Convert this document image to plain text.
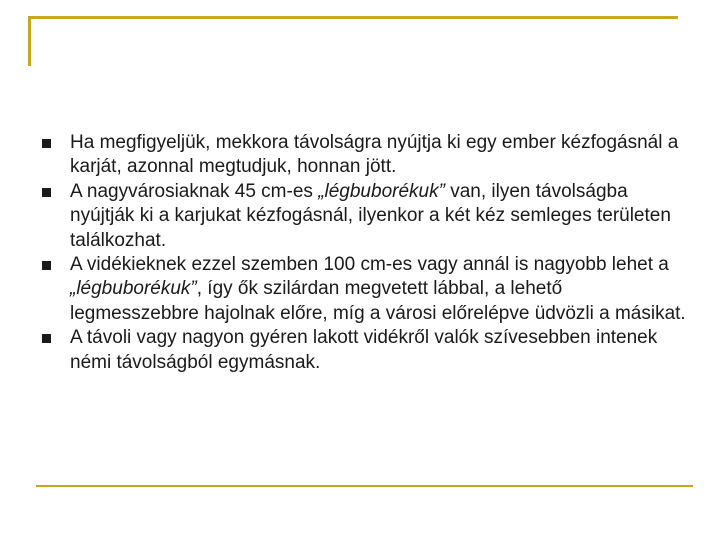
Ha megfigyeljük, mekkora távolságra nyújtja ki egy ember kézfogásnál a karját, azonnal megtudjuk, honnan jött.
A nagyvárosiaknak 45 cm-es „légbuborékuk” van, ilyen távolságba nyújtják ki a karjukat kézfogásnál, ilyenkor a két kéz semleges területen találkozhat.
A vidékieknek ezzel szemben 100 cm-es vagy annál is nagyobb lehet a „légbuborékuk”, így ők szilárdan megvetett lábbal, a lehető legmesszebbre hajolnak előre, míg a városi előrelépve üdvözli a másikat.
A távoli vagy nagyon gyéren lakott vidékről valók szívesebben intenek némi távolságból egymásnak.
